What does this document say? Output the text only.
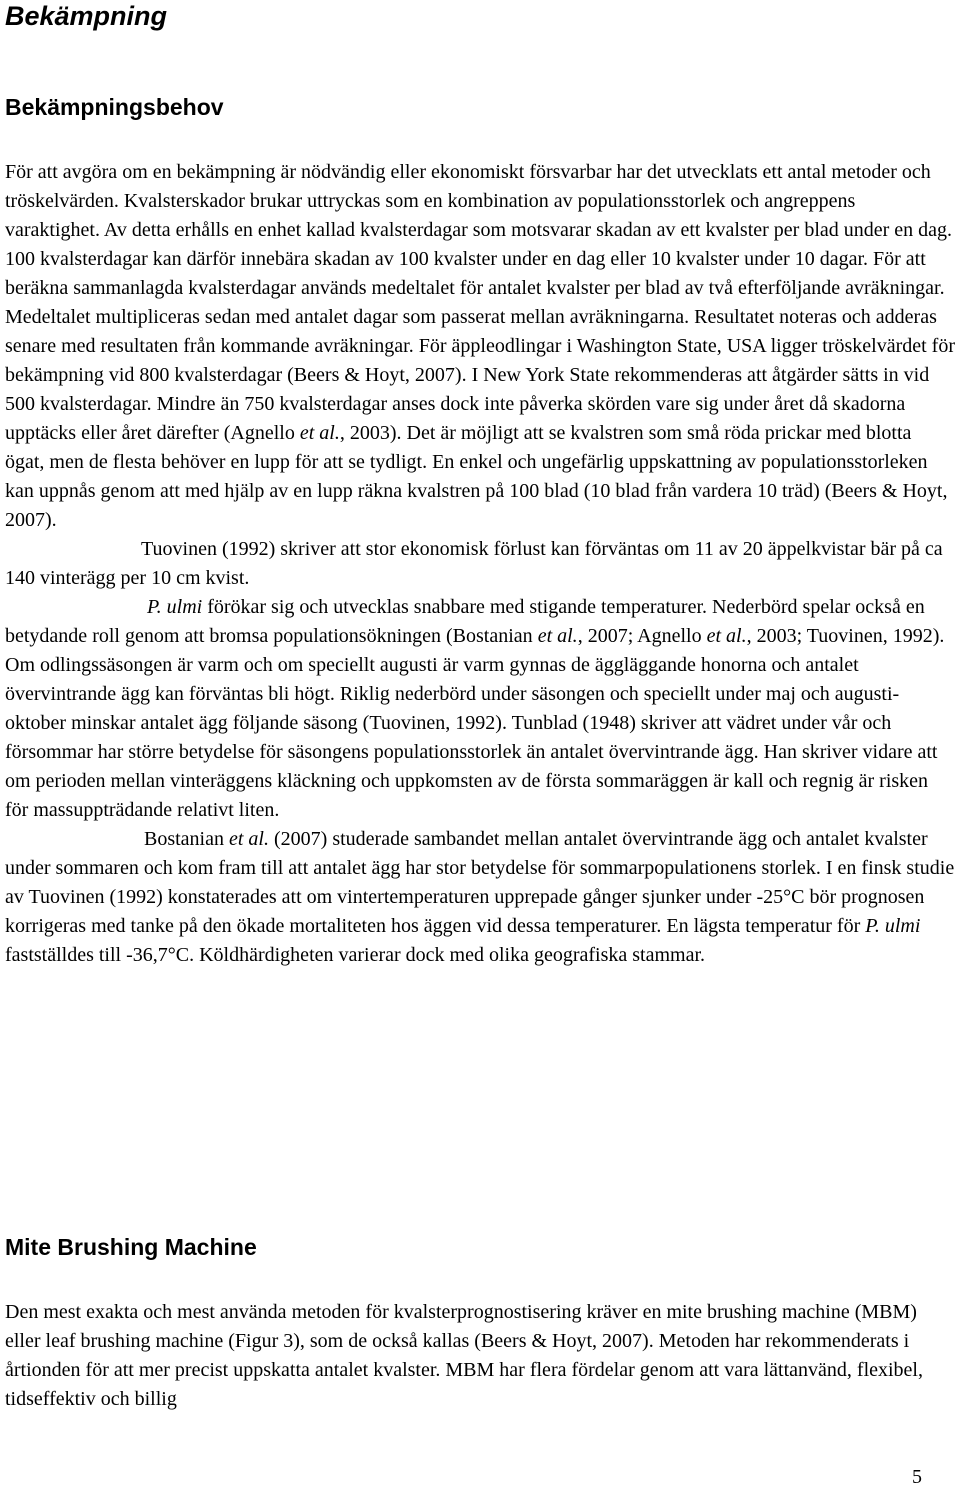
Bekämpning
Bekämpningsbehov

För att avgöra om en bekämpning är nödvändig eller ekonomiskt försvarbar har det utvecklats ett antal metoder och tröskelvärden. Kvalsterskador brukar uttryckas som en kombination av populationsstorlek och angreppens varaktighet. Av detta erhålls en enhet kallad kvalsterdagar som motsvarar skadan av ett kvalster per blad under en dag. 100 kvalsterdagar kan därför innebära skadan av 100 kvalster under en dag eller 10 kvalster under 10 dagar. För att beräkna sammanlagda kvalsterdagar används medeltalet för antalet kvalster per blad av två efterföljande avräkningar. Medeltalet multipliceras sedan med antalet dagar som passerat mellan avräkningarna. Resultatet noteras och adderas senare med resultaten från kommande avräkningar. För äppleodlingar i Washington State, USA ligger tröskelvärdet för bekämpning vid 800 kvalsterdagar (Beers & Hoyt, 2007). I New York State rekommenderas att åtgärder sätts in vid 500 kvalsterdagar. Mindre än 750 kvalsterdagar anses dock inte påverka skörden vare sig under året då skadorna upptäcks eller året därefter (Agnello et al., 2003). Det är möjligt att se kvalstren som små röda prickar med blotta ögat, men de flesta behöver en lupp för att se tydligt. En enkel och ungefärlig uppskattning av populationsstorleken kan uppnås genom att med hjälp av en lupp räkna kvalstren på 100 blad (10 blad från vardera 10 träd) (Beers & Hoyt, 2007).

Tuovinen (1992) skriver att stor ekonomisk förlust kan förväntas om 11 av 20 äppelkvistar bär på ca 140 vinterägg per 10 cm kvist.

P. ulmi förökar sig och utvecklas snabbare med stigande temperaturer. Nederbörd spelar också en betydande roll genom att bromsa populationsökningen (Bostanian et al., 2007; Agnello et al., 2003; Tuovinen, 1992). Om odlingssäsongen är varm och om speciellt augusti är varm gynnas de äggläggande honorna och antalet övervintrande ägg kan förväntas bli högt. Riklig nederbörd under säsongen och speciellt under maj och augusti-oktober minskar antalet ägg följande säsong (Tuovinen, 1992). Tunblad (1948) skriver att vädret under vår och försommar har större betydelse för säsongens populationsstorlek än antalet övervintrande ägg. Han skriver vidare att om perioden mellan vinteräggens kläckning och uppkomsten av de första sommaräggen är kall och regnig är risken för massuppträdande relativt liten.

Bostanian et al. (2007) studerade sambandet mellan antalet övervintrande ägg och antalet kvalster under sommaren och kom fram till att antalet ägg har stor betydelse för sommarpopulationens storlek. I en finsk studie av Tuovinen (1992) konstaterades att om vintertemperaturen upprepade gånger sjunker under -25°C bör prognosen korrigeras med tanke på den ökade mortaliteten hos äggen vid dessa temperaturer. En lägsta temperatur för P. ulmi fastställdes till -36,7°C. Köldhärdigheten varierar dock med olika geografiska stammar.

Mite Brushing Machine

Den mest exakta och mest använda metoden för kvalsterprognostisering kräver en mite brushing machine (MBM) eller leaf brushing machine (Figur 3), som de också kallas (Beers & Hoyt, 2007). Metoden har rekommenderats i årtionden för att mer precist uppskatta antalet kvalster. MBM har flera fördelar genom att vara lättanvänd, flexibel, tidseffektiv och billig

5
